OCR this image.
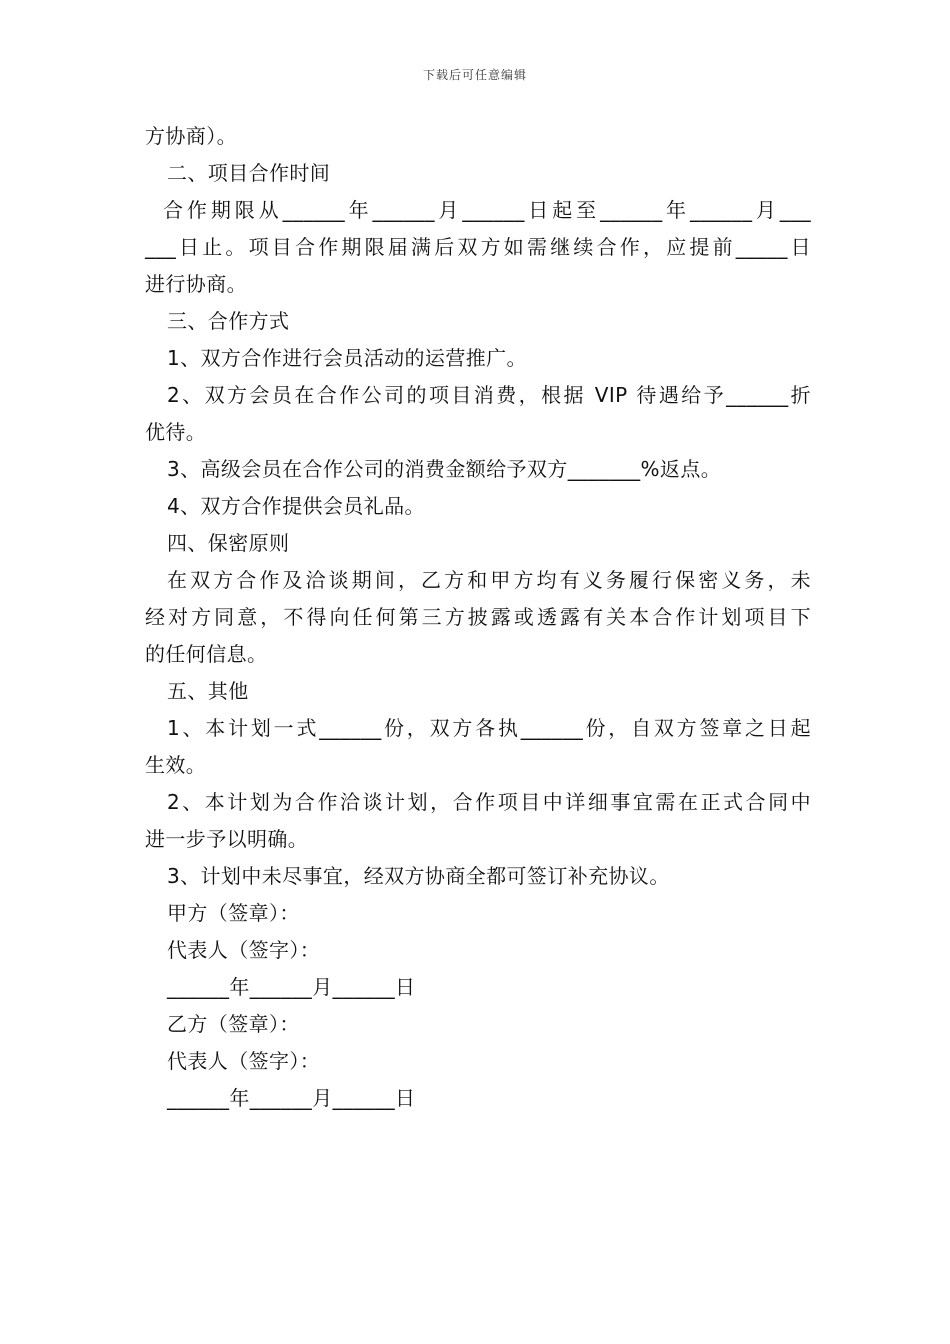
下载后可任意编辑
方协商）。
二、项目合作时间
合作期限从______年______月______日起至______年______月___
___日止。项目合作期限届满后双方如需继续合作，应提前_____日
进行协商。
三、合作方式
1、双方合作进行会员活动的运营推广。
2、双方会员在合作公司的项目消费，根据 VIP 待遇给予______折
优待。
3、高级会员在合作公司的消费金额给予双方_______%返点。
4、双方合作提供会员礼品。
四、保密原则
在双方合作及洽谈期间，乙方和甲方均有义务履行保密义务，未
经对方同意，不得向任何第三方披露或透露有关本合作计划项目下
的任何信息。
五、其他
1、本计划一式______份，双方各执______份，自双方签章之日起
生效。
2、本计划为合作洽谈计划，合作项目中详细事宜需在正式合同中
进一步予以明确。
3、计划中未尽事宜，经双方协商全都可签订补充协议。
甲方（签章）：
代表人（签字）：
______年______月______日
乙方（签章）：
代表人（签字）：
______年______月______日
